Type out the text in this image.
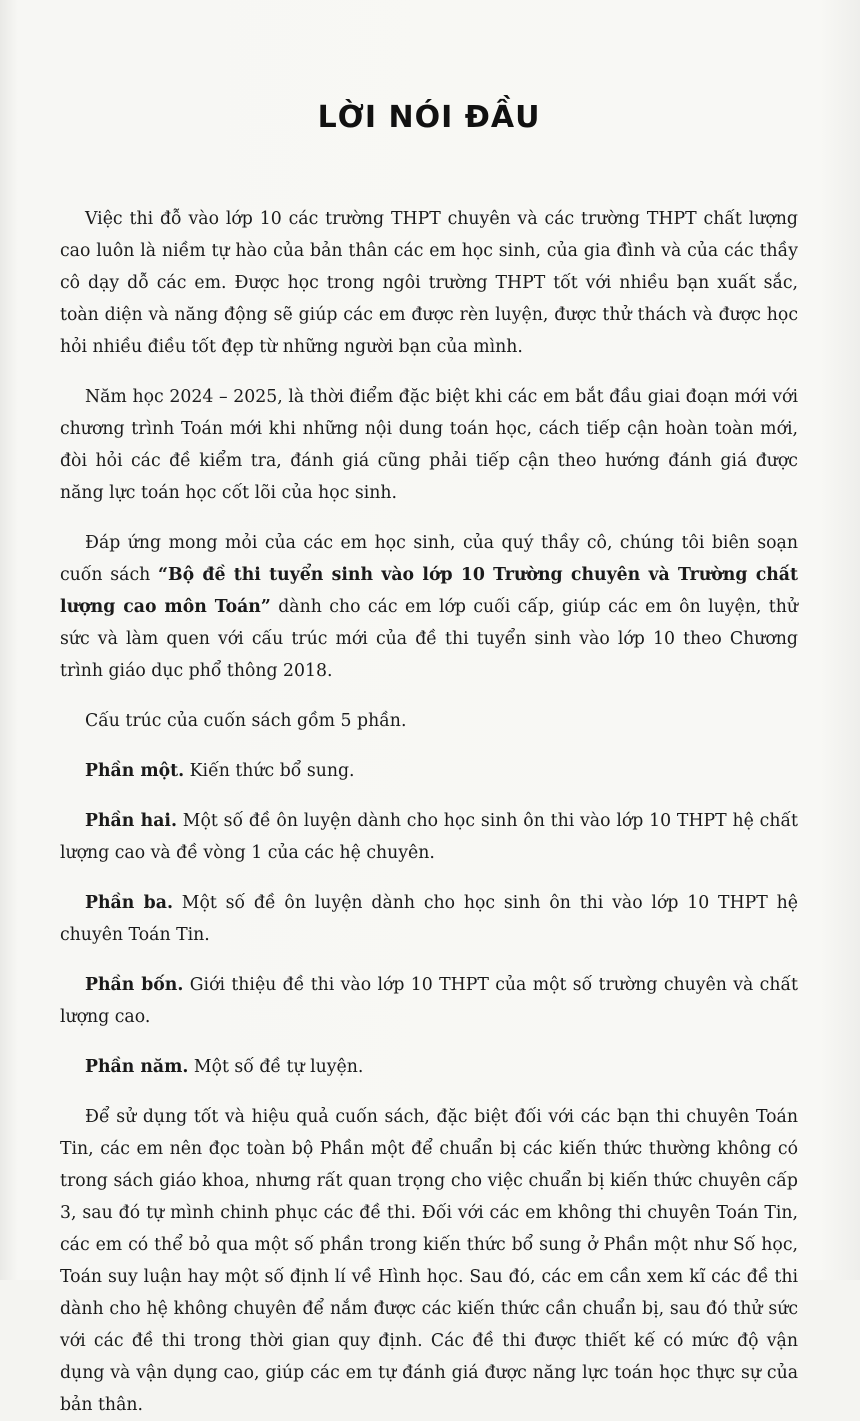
LỜI NÓI ĐẦU

Việc thi đỗ vào lớp 10 các trường THPT chuyên và các trường THPT chất lượng cao luôn là niềm tự hào của bản thân các em học sinh, của gia đình và của các thầy cô dạy dỗ các em. Được học trong ngôi trường THPT tốt với nhiều bạn xuất sắc, toàn diện và năng động sẽ giúp các em được rèn luyện, được thử thách và được học hỏi nhiều điều tốt đẹp từ những người bạn của mình.

Năm học 2024 – 2025, là thời điểm đặc biệt khi các em bắt đầu giai đoạn mới với chương trình Toán mới khi những nội dung toán học, cách tiếp cận hoàn toàn mới, đòi hỏi các đề kiểm tra, đánh giá cũng phải tiếp cận theo hướng đánh giá được năng lực toán học cốt lõi của học sinh.

Đáp ứng mong mỏi của các em học sinh, của quý thầy cô, chúng tôi biên soạn cuốn sách “Bộ đề thi tuyển sinh vào lớp 10 Trường chuyên và Trường chất lượng cao môn Toán” dành cho các em lớp cuối cấp, giúp các em ôn luyện, thử sức và làm quen với cấu trúc mới của đề thi tuyển sinh vào lớp 10 theo Chương trình giáo dục phổ thông 2018.

Cấu trúc của cuốn sách gồm 5 phần.

Phần một. Kiến thức bổ sung.

Phần hai. Một số đề ôn luyện dành cho học sinh ôn thi vào lớp 10 THPT hệ chất lượng cao và đề vòng 1 của các hệ chuyên.

Phần ba. Một số đề ôn luyện dành cho học sinh ôn thi vào lớp 10 THPT hệ chuyên Toán Tin.

Phần bốn. Giới thiệu đề thi vào lớp 10 THPT của một số trường chuyên và chất lượng cao.

Phần năm. Một số đề tự luyện.

Để sử dụng tốt và hiệu quả cuốn sách, đặc biệt đối với các bạn thi chuyên Toán Tin, các em nên đọc toàn bộ Phần một để chuẩn bị các kiến thức thường không có trong sách giáo khoa, nhưng rất quan trọng cho việc chuẩn bị kiến thức chuyên cấp 3, sau đó tự mình chinh phục các đề thi. Đối với các em không thi chuyên Toán Tin, các em có thể bỏ qua một số phần trong kiến thức bổ sung ở Phần một như Số học, Toán suy luận hay một số định lí về Hình học. Sau đó, các em cần xem kĩ các đề thi dành cho hệ không chuyên để nắm được các kiến thức cần chuẩn bị, sau đó thử sức với các đề thi trong thời gian quy định. Các đề thi được thiết kế có mức độ vận dụng và vận dụng cao, giúp các em tự đánh giá được năng lực toán học thực sự của bản thân.
